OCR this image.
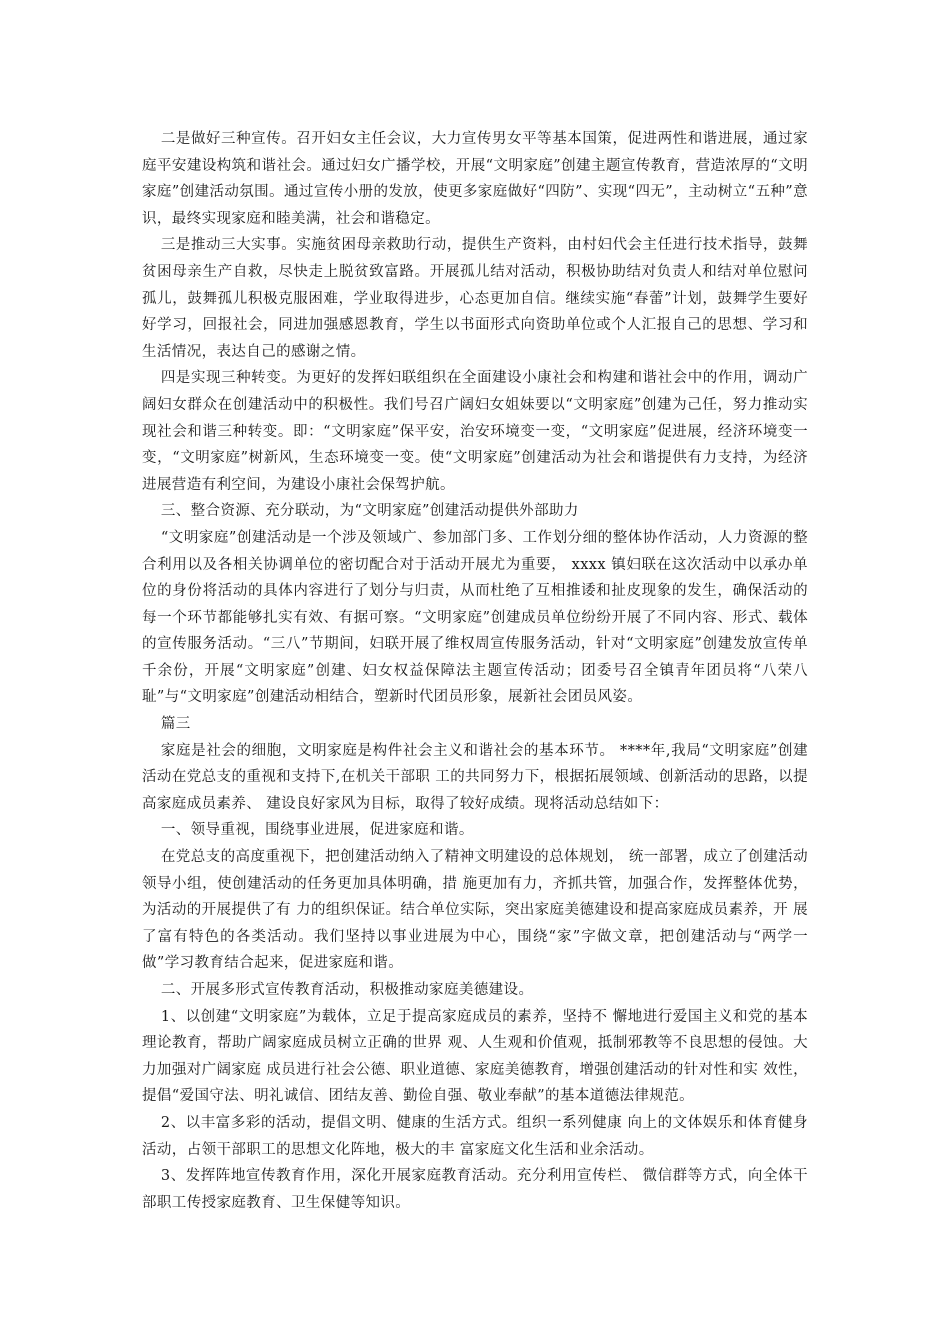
二是做好三种宣传。召开妇女主任会议，大力宣传男女平等基本国策，促进两性和谐进展，通过家庭平安建设构筑和谐社会。通过妇女广播学校，开展“文明家庭”创建主题宣传教育，营造浓厚的“文明家庭”创建活动氛围。通过宣传小册的发放，使更多家庭做好“四防”、实现“四无”，主动树立“五种”意识，最终实现家庭和睦美满，社会和谐稳定。

三是推动三大实事。实施贫困母亲救助行动，提供生产资料，由村妇代会主任进行技术指导，鼓舞贫困母亲生产自救，尽快走上脱贫致富路。开展孤儿结对活动，积极协助结对负责人和结对单位慰问孤儿，鼓舞孤儿积极克服困难，学业取得进步，心态更加自信。继续实施“春蕾”计划，鼓舞学生要好好学习，回报社会，同进加强感恩教育，学生以书面形式向资助单位或个人汇报自己的思想、学习和生活情况，表达自己的感谢之情。

四是实现三种转变。为更好的发挥妇联组织在全面建设小康社会和构建和谐社会中的作用，调动广阔妇女群众在创建活动中的积极性。我们号召广阔妇女姐妹要以“文明家庭”创建为己任，努力推动实现社会和谐三种转变。即：“文明家庭”保平安，治安环境变一变，“文明家庭”促进展，经济环境变一变，“文明家庭”树新风，生态环境变一变。使“文明家庭”创建活动为社会和谐提供有力支持，为经济进展营造有利空间，为建设小康社会保驾护航。

三、整合资源、充分联动，为“文明家庭”创建活动提供外部助力

“文明家庭”创建活动是一个涉及领域广、参加部门多、工作划分细的整体协作活动，人力资源的整合利用以及各相关协调单位的密切配合对于活动开展尤为重要， xxxx 镇妇联在这次活动中以承办单位的身份将活动的具体内容进行了划分与归责，从而杜绝了互相推诿和扯皮现象的发生，确保活动的每一个环节都能够扎实有效、有据可察。“文明家庭”创建成员单位纷纷开展了不同内容、形式、载体的宣传服务活动。“三八”节期间，妇联开展了维权周宣传服务活动，针对“文明家庭”创建发放宣传单千余份，开展“文明家庭”创建、妇女权益保障法主题宣传活动；团委号召全镇青年团员将“八荣八耻”与“文明家庭”创建活动相结合，塑新时代团员形象，展新社会团员风姿。

篇三

家庭是社会的细胞，文明家庭是构件社会主义和谐社会的基本环节。 ****年,我局“文明家庭”创建活动在党总支的重视和支持下,在机关干部职 工的共同努力下，根据拓展领域、创新活动的思路，以提高家庭成员素养、 建设良好家风为目标，取得了较好成绩。现将活动总结如下：

一、领导重视，围绕事业进展，促进家庭和谐。

在党总支的高度重视下，把创建活动纳入了精神文明建设的总体规划， 统一部署，成立了创建活动领导小组，使创建活动的任务更加具体明确，措 施更加有力，齐抓共管，加强合作，发挥整体优势，为活动的开展提供了有 力的组织保证。结合单位实际，突出家庭美德建设和提高家庭成员素养，开 展了富有特色的各类活动。我们坚持以事业进展为中心，围绕“家”字做文章，把创建活动与“两学一做”学习教育结合起来，促进家庭和谐。

二、开展多形式宣传教育活动，积极推动家庭美德建设。

1、以创建“文明家庭”为载体，立足于提高家庭成员的素养，坚持不 懈地进行爱国主义和党的基本理论教育，帮助广阔家庭成员树立正确的世界 观、人生观和价值观，抵制邪教等不良思想的侵蚀。大力加强对广阔家庭 成员进行社会公德、职业道德、家庭美德教育，增强创建活动的针对性和实 效性，提倡“爱国守法、明礼诚信、团结友善、勤俭自强、敬业奉献”的基本道德法律规范。

2、以丰富多彩的活动，提倡文明、健康的生活方式。组织一系列健康 向上的文体娱乐和体育健身活动，占领干部职工的思想文化阵地，极大的丰 富家庭文化生活和业余活动。

3、发挥阵地宣传教育作用，深化开展家庭教育活动。充分利用宣传栏、 微信群等方式，向全体干部职工传授家庭教育、卫生保健等知识。
